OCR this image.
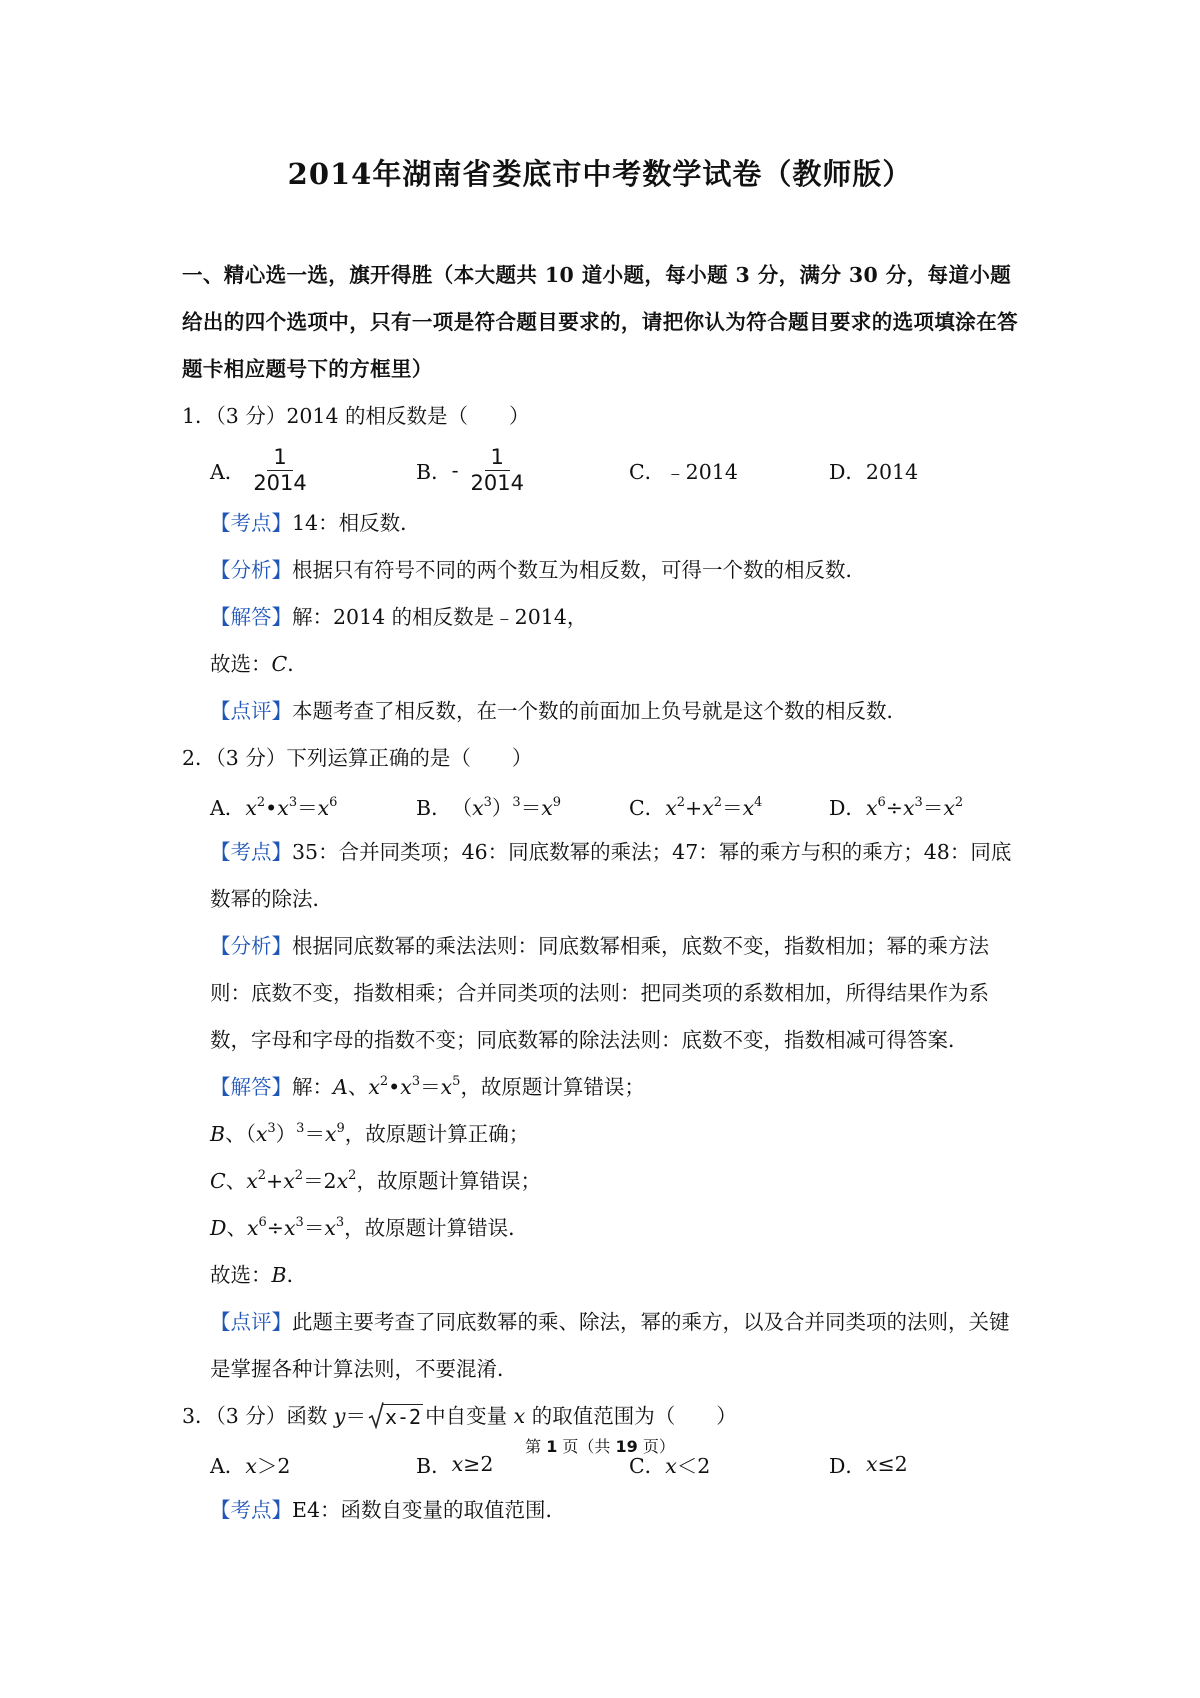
2014年湖南省娄底市中考数学试卷（教师版）
一、精心选一选，旗开得胜（本大题共 10 道小题，每小题 3 分，满分 30 分，每道小题给出的四个选项中，只有一项是符合题目要求的，请把你认为符合题目要求的选项填涂在答题卡相应题号下的方框里）
1．（3 分）2014 的相反数是（　　）
A． $\frac{1}{2014}$	B． - $\frac{1}{2014}$	C．﹣2014	D．2014
【考点】14：相反数．
【分析】根据只有符号不同的两个数互为相反数，可得一个数的相反数．
【解答】解：2014 的相反数是﹣2014，
故选：C．
【点评】本题考查了相反数，在一个数的前面加上负号就是这个数的相反数．
2．（3 分）下列运算正确的是（　　）
A． $x^2•x^3=x^6$	B． $(x^3)^3=x^9$	C． $x^2+x^2=x^4$	D． $x^6\div x^3=x^2$
【考点】35：合并同类项；46：同底数幂的乘法；47：幂的乘方与积的乘方；48：同底数幂的除法．
【分析】根据同底数幂的乘法法则：同底数幂相乘，底数不变，指数相加；幂的乘方法则：底数不变，指数相乘；合并同类项的法则：把同类项的系数相加，所得结果作为系数，字母和字母的指数不变；同底数幂的除法法则：底数不变，指数相减可得答案．
【解答】解：A、$x^2•x^3=x^5$，故原题计算错误；
B、$(x^3)^3=x^9$，故原题计算正确；
C、$x^2+x^2=2x^2$，故原题计算错误；
D、$x^6\div x^3=x^3$，故原题计算错误．
故选：B．
【点评】此题主要考查了同底数幂的乘、除法，幂的乘方，以及合并同类项的法则，关键是掌握各种计算法则，不要混淆．
3．（3 分）函数 y＝ x-2 中自变量 x 的取值范围为（　　）
A． x＞2	B． x≥2	C． x＜2	D． x≤2
【考点】E4：函数自变量的取值范围．
第 1 页（共 19 页）
